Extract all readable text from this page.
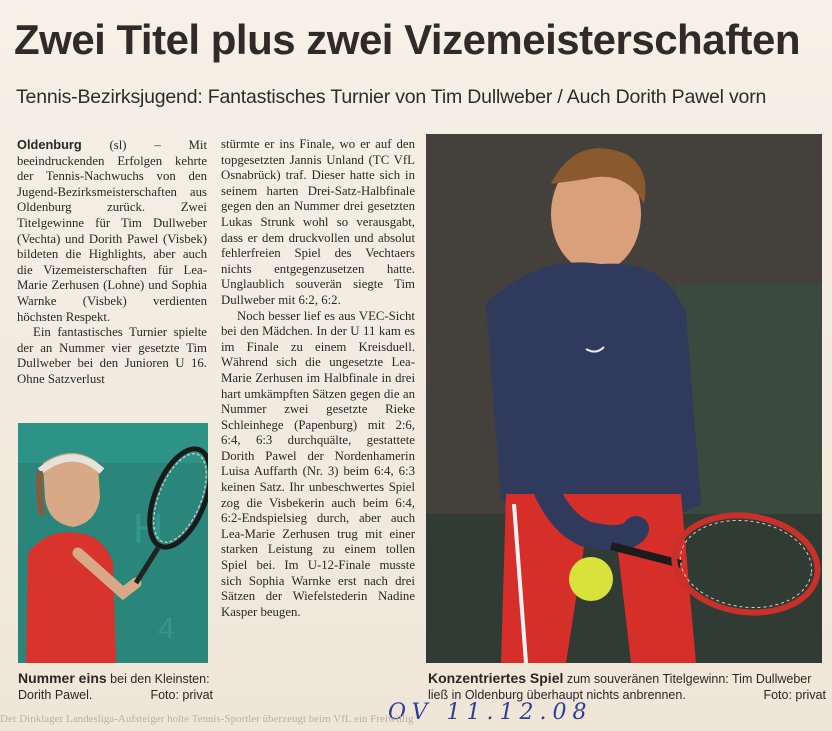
Zwei Titel plus zwei Vizemeisterschaften
Tennis-Bezirksjugend: Fantastisches Turnier von Tim Dullweber / Auch Dorith Pawel vorn

Oldenburg (sl) – Mit beeindruckenden Erfolgen kehrte der Tennis-Nachwuchs von den Jugend-Bezirksmeisterschaften aus Oldenburg zurück. Zwei Titelgewinne für Tim Dullweber (Vechta) und Dorith Pawel (Visbek) bildeten die Highlights, aber auch die Vizemeisterschaften für Lea-Marie Zerhusen (Lohne) und Sophia Warnke (Visbek) verdienten höchsten Respekt.

Ein fantastisches Turnier spielte der an Nummer vier gesetzte Tim Dullweber bei den Junioren U 16. Ohne Satzverlust

stürmte er ins Finale, wo er auf den topgesetzten Jannis Unland (TC VfL Osnabrück) traf. Dieser hatte sich in seinem harten Drei-Satz-Halbfinale gegen den an Nummer drei gesetzten Lukas Strunk wohl so verausgabt, dass er dem druckvollen und absolut fehlerfreien Spiel des Vechtaers nichts entgegenzusetzen hatte. Unglaublich souverän siegte Tim Dullweber mit 6:2, 6:2.

Noch besser lief es aus VEC-Sicht bei den Mädchen. In der U 11 kam es im Finale zu einem Kreisduell. Während sich die ungesetzte Lea-Marie Zerhusen im Halbfinale in drei hart umkämpften Sätzen gegen die an Nummer zwei gesetzte Rieke Schleinhege (Papenburg) mit 2:6, 6:4, 6:3 durchquälte, gestattete Dorith Pawel der Nordenhamerin Luisa Auffarth (Nr. 3) beim 6:4, 6:3 keinen Satz. Ihr unbeschwertes Spiel zog die Visbekerin auch beim 6:4, 6:2-Endspielsieg durch, aber auch Lea-Marie Zerhusen trug mit einer starken Leistung zu einem tollen Spiel bei. Im U-12-Finale musste sich Sophia Warnke erst nach drei Sätzen der Wiefelstederin Nadine Kasper beugen.

H
4
Nummer eins bei den Kleinsten: Dorith Pawel.	Foto: privat
Konzentriertes Spiel zum souveränen Titelgewinn: Tim Dullweber ließ in Oldenburg überhaupt nichts anbrennen.	Foto: privat
OV 11.12.08
Der Dinklager Landesliga-Aufsteiger holte Tennis-Sportler überzeugt beim VfL ein Freiwillig
